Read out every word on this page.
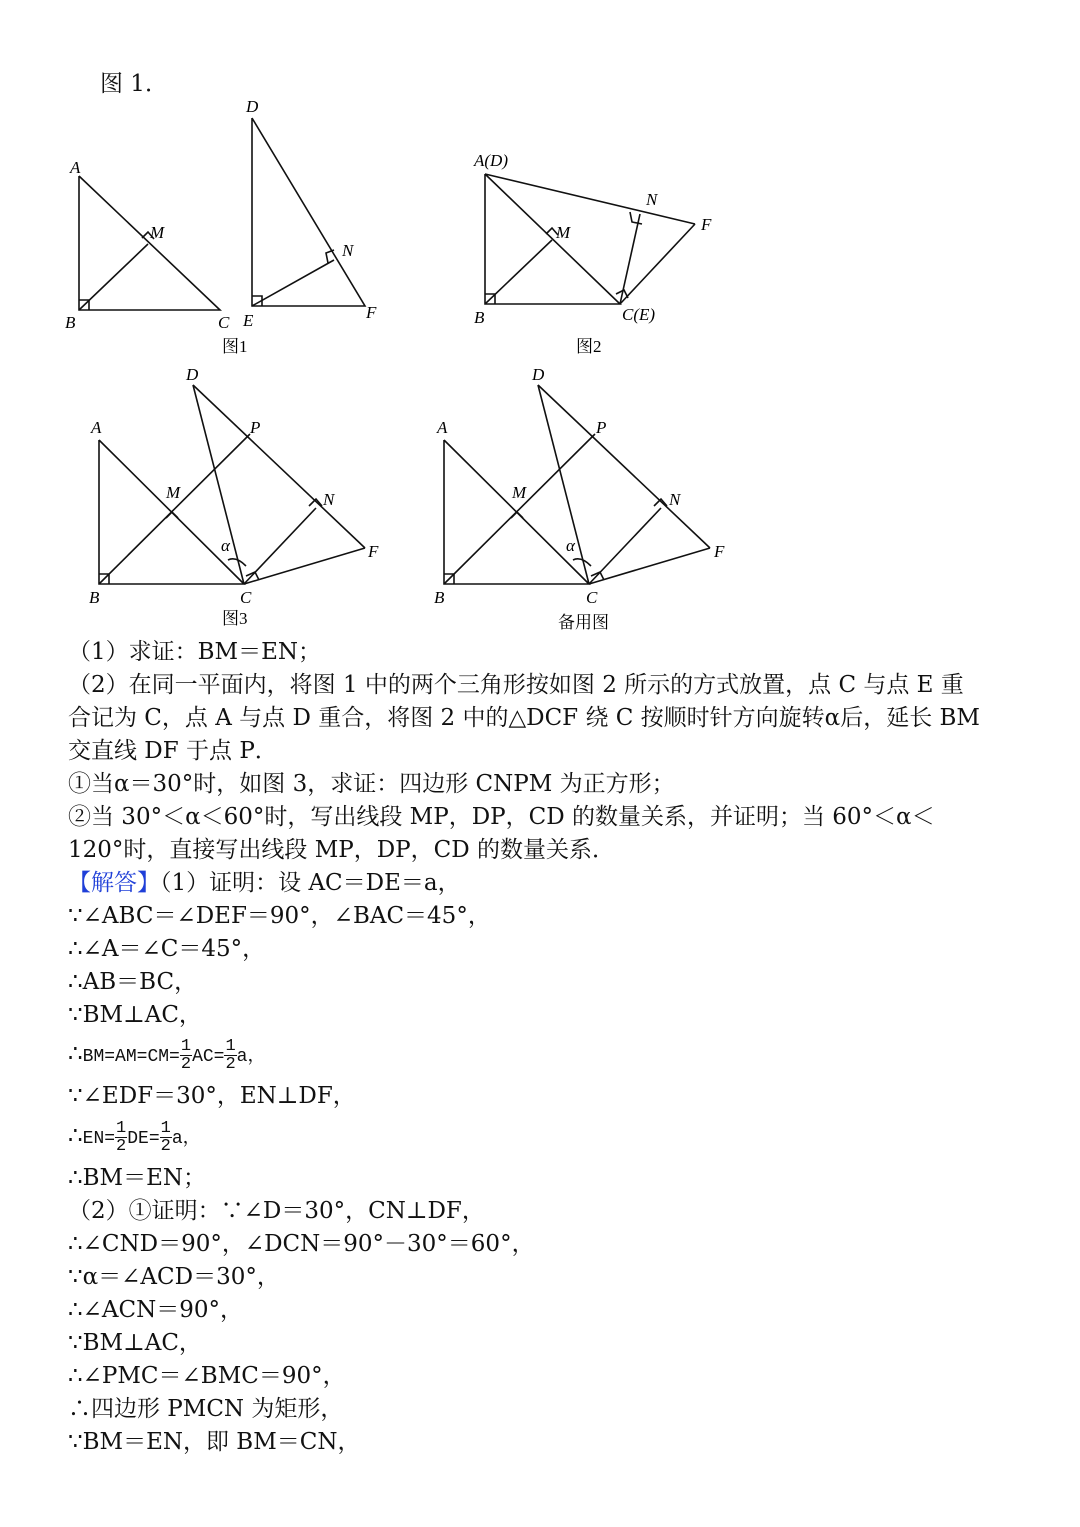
图 1．
A
M
B	C
D
N
E	F
图1
A(D)
M
N
F
B	C(E)
图2
D
A	P
M	N
F
α
B	C
图3
D
A	P
M	N
F
α
B	C
备用图
（1）求证：BM＝EN；
（2）在同一平面内，将图 1 中的两个三角形按如图 2 所示的方式放置，点 C 与点 E 重
合记为 C，点 A 与点 D 重合，将图 2 中的△DCF 绕 C 按顺时针方向旋转α后，延长 BM
交直线 DF 于点 P．
①当α＝30°时，如图 3，求证：四边形 CNPM 为正方形；
②当 30°＜α＜60°时，写出线段 MP，DP，CD 的数量关系，并证明；当 60°＜α＜
120°时，直接写出线段 MP，DP，CD 的数量关系．
【解答】（1）证明：设 AC＝DE＝a，
∵∠ABC＝∠DEF＝90°，∠BAC＝45°，
∴∠A＝∠C＝45°，
∴AB＝BC，
∵BM⊥AC，
∴BM=AM=CM= $\frac{1}{2} AC= \frac{1}{2}$ a，
∵∠EDF＝30°，EN⊥DF，
∴EN= $\frac{1}{2} DE= \frac{1}{2}$ a，
∴BM＝EN；
（2）①证明：∵∠D＝30°，CN⊥DF，
∴∠CND＝90°，∠DCN＝90°－30°＝60°，
∵α＝∠ACD＝30°，
∴∠ACN＝90°，
∵BM⊥AC，
∴∠PMC＝∠BMC＝90°，
∴四边形 PMCN 为矩形，
∵BM＝EN，即 BM＝CN，
